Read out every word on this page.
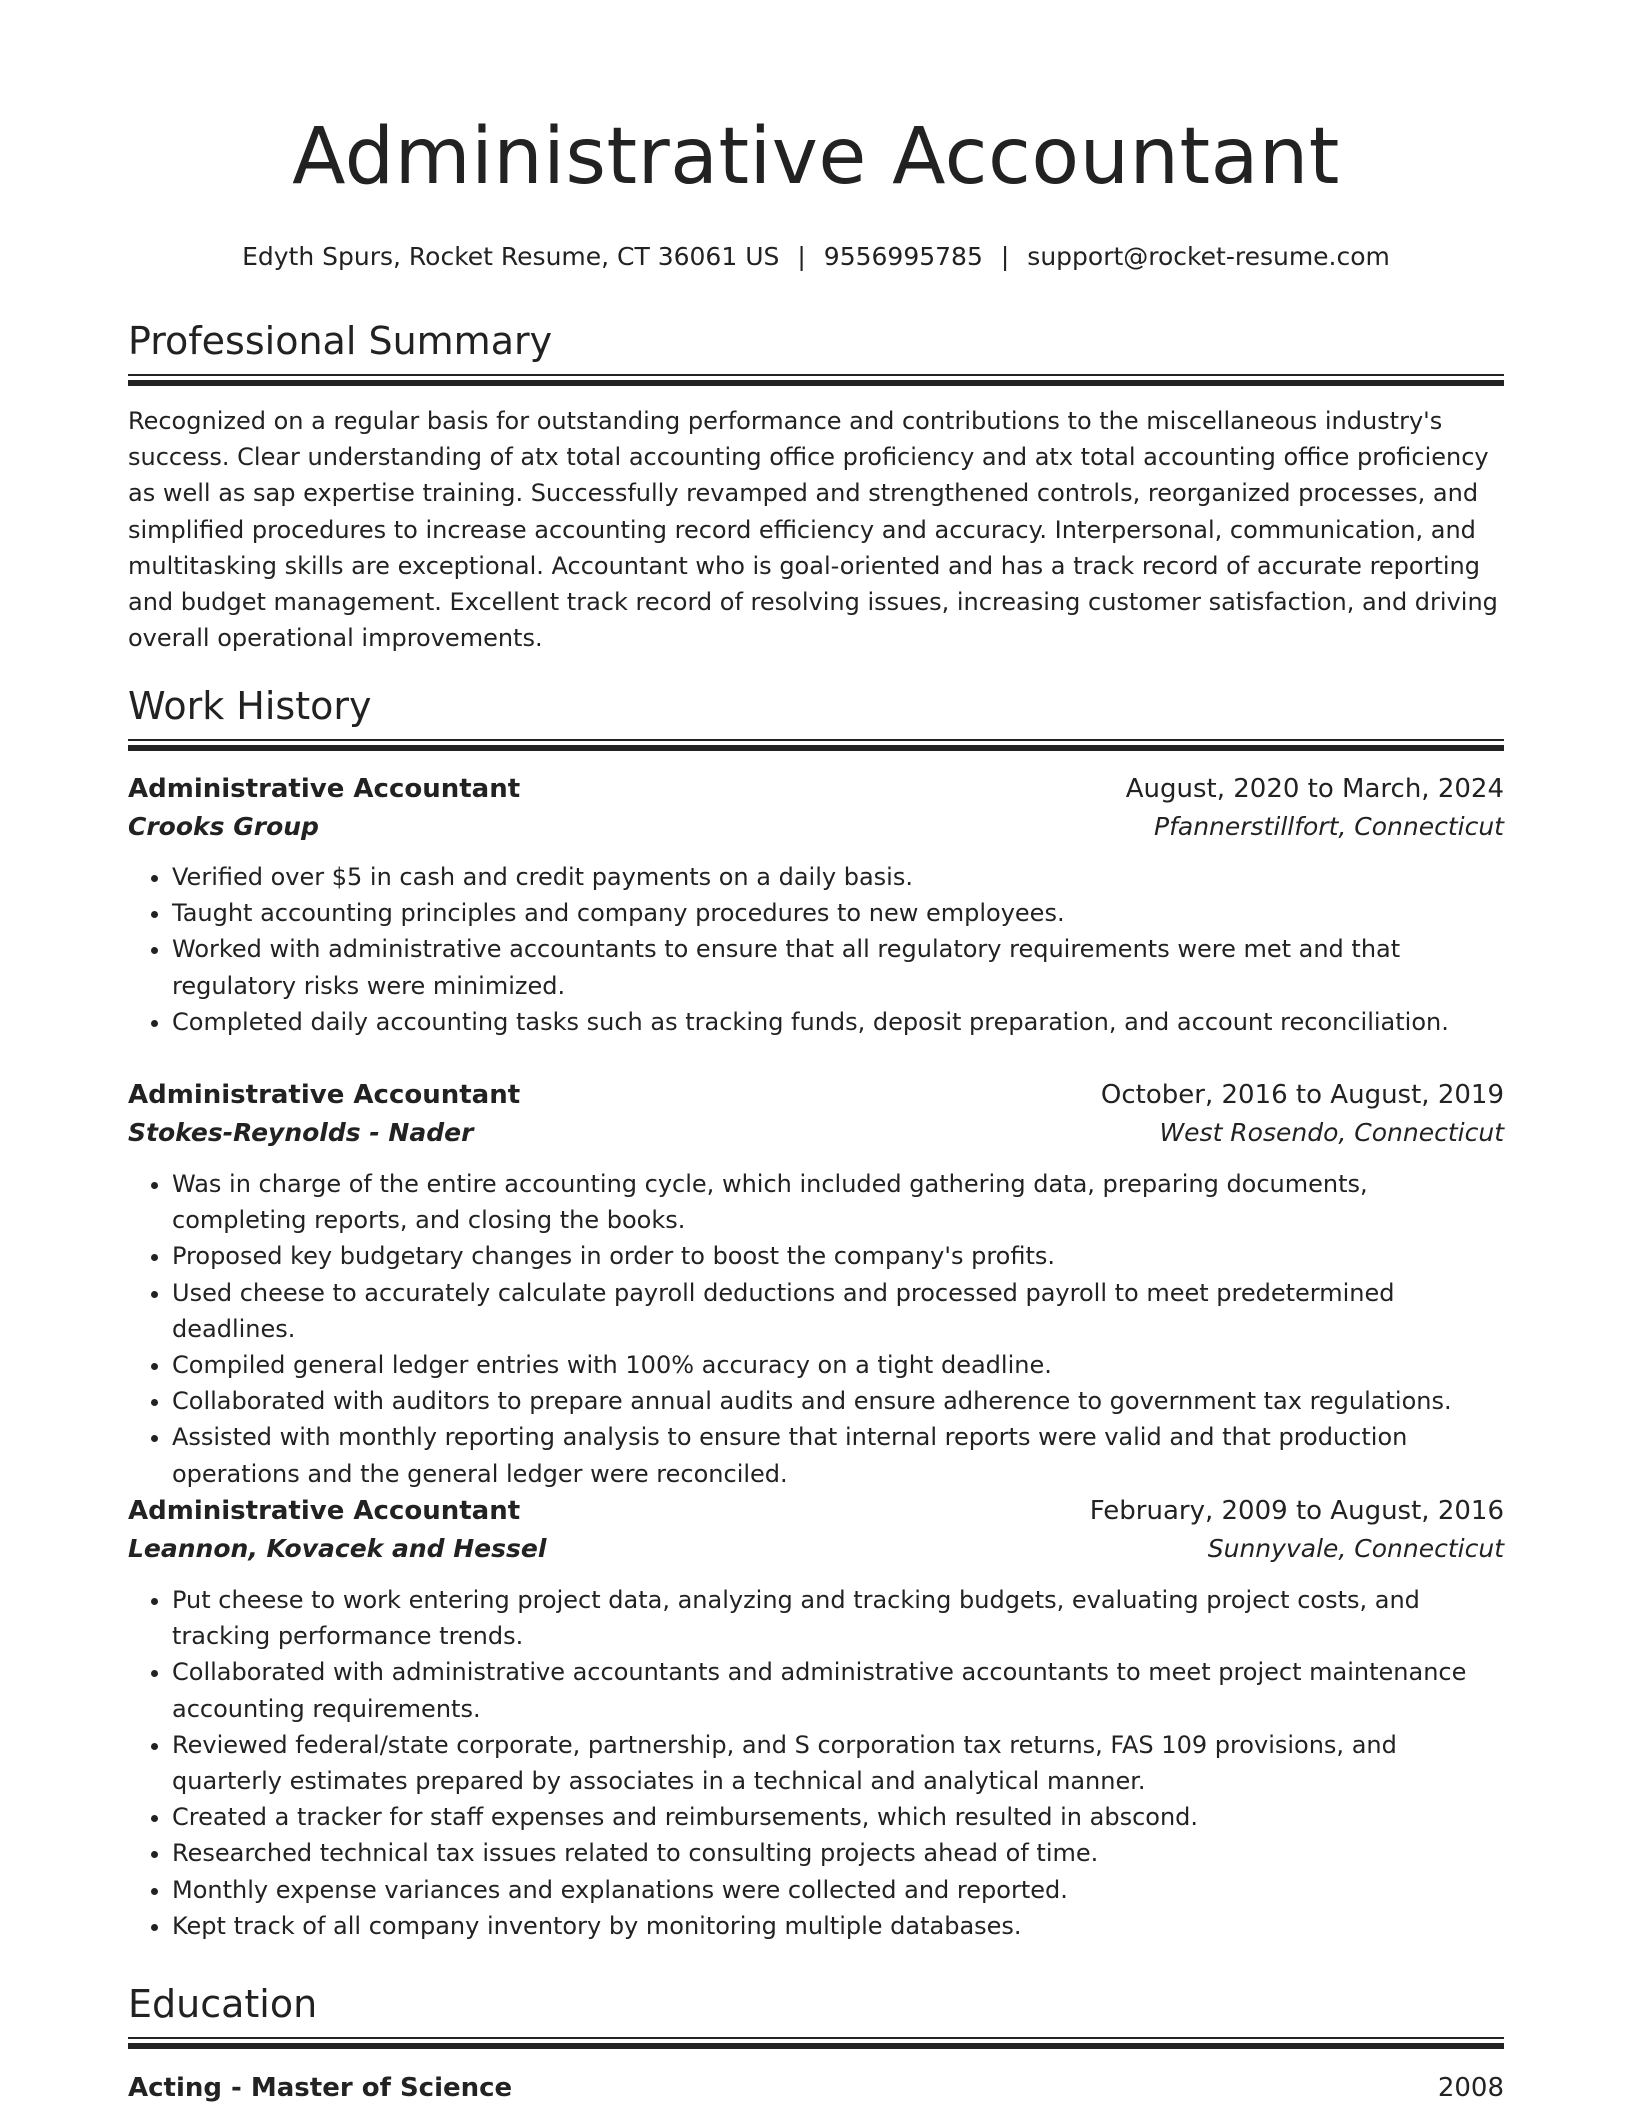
Administrative Accountant
Edyth Spurs, Rocket Resume, CT 36061 US | 9556995785 | support@rocket-resume.com
Professional Summary

Recognized on a regular basis for outstanding performance and contributions to the miscellaneous industry's success. Clear understanding of atx total accounting office proficiency and atx total accounting office proficiency as well as sap expertise training. Successfully revamped and strengthened controls, reorganized processes, and simplified procedures to increase accounting record efficiency and accuracy. Interpersonal, communication, and multitasking skills are exceptional. Accountant who is goal-oriented and has a track record of accurate reporting and budget management. Excellent track record of resolving issues, increasing customer satisfaction, and driving overall operational improvements.

Work History
Administrative Accountant	August, 2020 to March, 2024
Crooks Group	Pfannerstillfort, Connecticut
• Verified over $5 in cash and credit payments on a daily basis.
• Taught accounting principles and company procedures to new employees.
• Worked with administrative accountants to ensure that all regulatory requirements were met and that regulatory risks were minimized.
• Completed daily accounting tasks such as tracking funds, deposit preparation, and account reconciliation.
Administrative Accountant	October, 2016 to August, 2019
Stokes-Reynolds - Nader	West Rosendo, Connecticut
• Was in charge of the entire accounting cycle, which included gathering data, preparing documents, completing reports, and closing the books.
• Proposed key budgetary changes in order to boost the company's profits.
• Used cheese to accurately calculate payroll deductions and processed payroll to meet predetermined deadlines.
• Compiled general ledger entries with 100% accuracy on a tight deadline.
• Collaborated with auditors to prepare annual audits and ensure adherence to government tax regulations.
• Assisted with monthly reporting analysis to ensure that internal reports were valid and that production operations and the general ledger were reconciled.
Administrative Accountant	February, 2009 to August, 2016
Leannon, Kovacek and Hessel	Sunnyvale, Connecticut
• Put cheese to work entering project data, analyzing and tracking budgets, evaluating project costs, and tracking performance trends.
• Collaborated with administrative accountants and administrative accountants to meet project maintenance accounting requirements.
• Reviewed federal/state corporate, partnership, and S corporation tax returns, FAS 109 provisions, and quarterly estimates prepared by associates in a technical and analytical manner.
• Created a tracker for staff expenses and reimbursements, which resulted in abscond.
• Researched technical tax issues related to consulting projects ahead of time.
• Monthly expense variances and explanations were collected and reported.
• Kept track of all company inventory by monitoring multiple databases.
Education
Acting - Master of Science	2008
